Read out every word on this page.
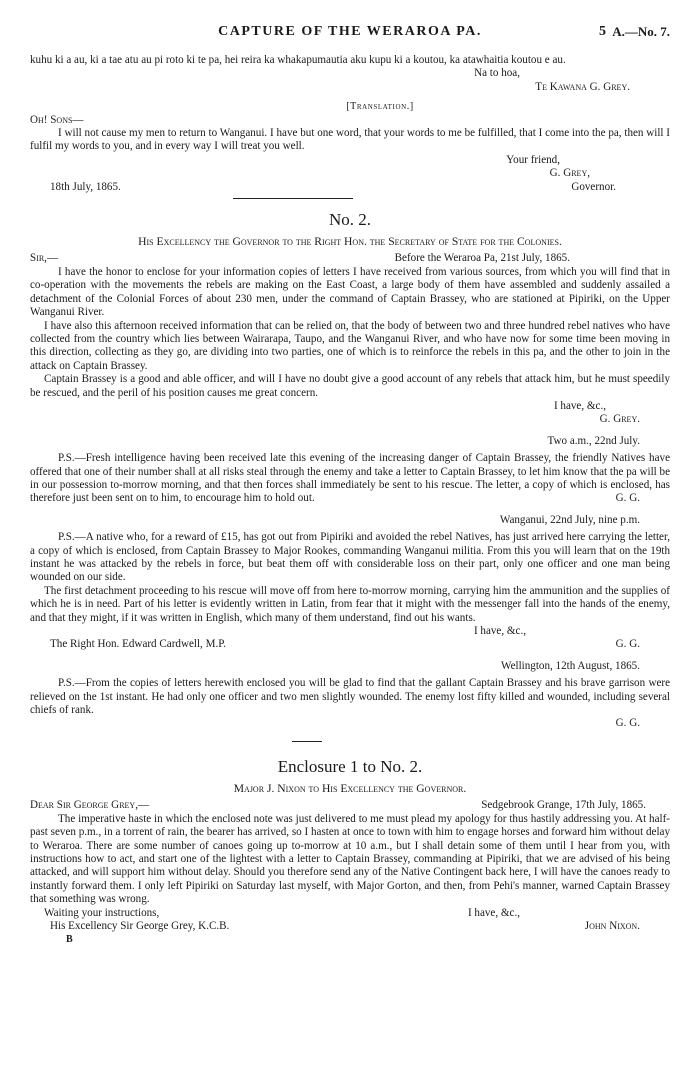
CAPTURE OF THE WERAROA PA.	5 A.—No. 7.

kuhu ki a au, ki a tae atu au pi roto ki te pa, hei reira ka whakapumautia aku kupu ki a koutou, ka atawhaitia koutou e au.

Na to hoa,

Te Kawana G. Grey.

[Translation.]

Oh! Sons—

I will not cause my men to return to Wanganui. I have but one word, that your words to me be fulfilled, that I come into the pa, then will I fulfil my words to you, and in every way I will treat you well.

Your friend,

G. Grey,

18th July, 1865.	Governor.
No. 2.

His Excellency the Governor to the Right Hon. the Secretary of State for the Colonies.

Sir,—	Before the Weraroa Pa, 21st July, 1865.

I have the honor to enclose for your information copies of letters I have received from various sources, from which you will find that in co-operation with the movements the rebels are making on the East Coast, a large body of them have assembled and suddenly assailed a detachment of the Colonial Forces of about 230 men, under the command of Captain Brassey, who are stationed at Pipiriki, on the Upper Wanganui River.

I have also this afternoon received information that can be relied on, that the body of between two and three hundred rebel natives who have collected from the country which lies between Wairarapa, Taupo, and the Wanganui River, and who have now for some time been moving in this direction, collecting as they go, are dividing into two parties, one of which is to reinforce the rebels in this pa, and the other to join in the attack on Captain Brassey.

Captain Brassey is a good and able officer, and will I have no doubt give a good account of any rebels that attack him, but he must speedily be rescued, and the peril of his position causes me great concern.

I have, &c.,

G. Grey.

Two a.m., 22nd July.

P.S.—Fresh intelligence having been received late this evening of the increasing danger of Captain Brassey, the friendly Natives have offered that one of their number shall at all risks steal through the enemy and take a letter to Captain Brassey, to let him know that the pa will be in our possession to-morrow morning, and that then forces shall immediately be sent to his rescue. The letter, a copy of which is enclosed, has therefore just been sent on to him, to encourage him to hold out.	G. G.

Wanganui, 22nd July, nine p.m.

P.S.—A native who, for a reward of £15, has got out from Pipiriki and avoided the rebel Natives, has just arrived here carrying the letter, a copy of which is enclosed, from Captain Brassey to Major Rookes, commanding Wanganui militia. From this you will learn that on the 19th instant he was attacked by the rebels in force, but beat them off with considerable loss on their part, only one officer and one man being wounded on our side.

The first detachment proceeding to his rescue will move off from here to-morrow morning, carrying him the ammunition and the supplies of which he is in need. Part of his letter is evidently written in Latin, from fear that it might with the messenger fall into the hands of the enemy, and that they might, if it was written in English, which many of them understand, find out his wants.

I have, &c.,

The Right Hon. Edward Cardwell, M.P.	G. G.

Wellington, 12th August, 1865.

P.S.—From the copies of letters herewith enclosed you will be glad to find that the gallant Captain Brassey and his brave garrison were relieved on the 1st instant. He had only one officer and two men slightly wounded. The enemy lost fifty killed and wounded, including several chiefs of rank.

G. G.

Enclosure 1 to No. 2.

Major J. Nixon to His Excellency the Governor.

Dear Sir George Grey,—	Sedgebrook Grange, 17th July, 1865.

The imperative haste in which the enclosed note was just delivered to me must plead my apology for thus hastily addressing you. At half-past seven p.m., in a torrent of rain, the bearer has arrived, so I hasten at once to town with him to engage horses and forward him without delay to Weraroa. There are some number of canoes going up to-morrow at 10 a.m., but I shall detain some of them until I hear from you, with instructions how to act, and start one of the lightest with a letter to Captain Brassey, commanding at Pipiriki, that we are advised of his being attacked, and will support him without delay. Should you therefore send any of the Native Contingent back here, I will have the canoes ready to instantly forward them. I only left Pipiriki on Saturday last myself, with Major Gorton, and then, from Pehi's manner, warned Captain Brassey that something was wrong.

Waiting your instructions,	I have, &c.,
His Excellency Sir George Grey, K.C.B.	John Nixon.

B
